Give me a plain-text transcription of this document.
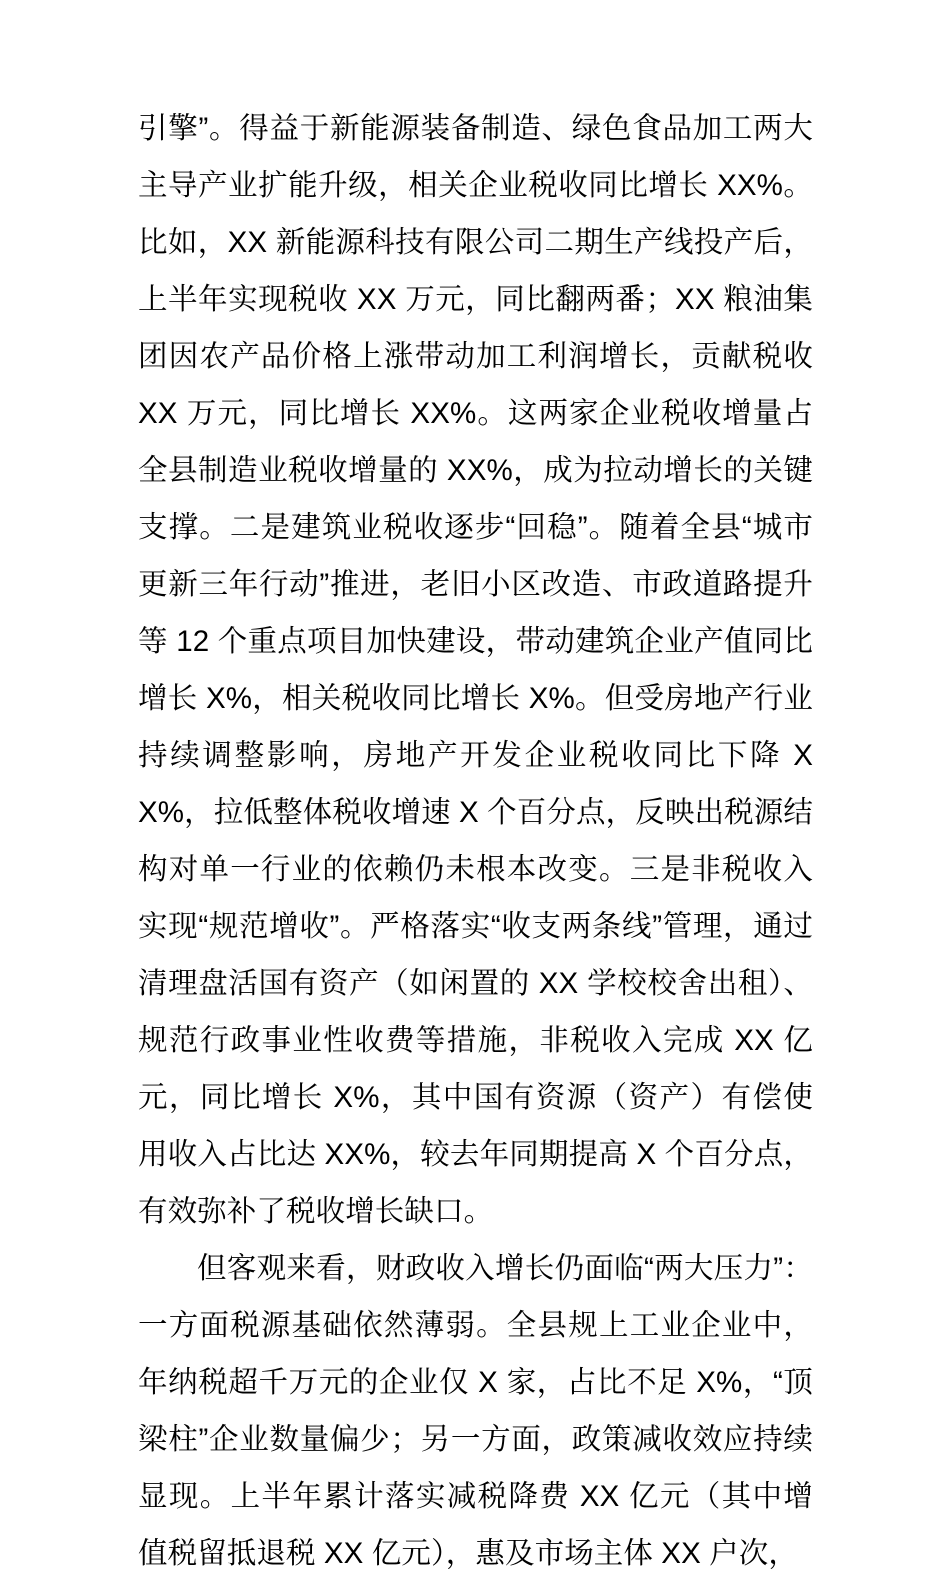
引擎”。得益于新能源装备制造、绿色食品加工两大主导产业扩能升级，相关企业税收同比增长 XX%。比如，XX 新能源科技有限公司二期生产线投产后，上半年实现税收 XX 万元，同比翻两番；XX 粮油集团因农产品价格上涨带动加工利润增长，贡献税收 XX 万元，同比增长 XX%。这两家企业税收增量占全县制造业税收增量的 XX%，成为拉动增长的关键支撑。二是建筑业税收逐步“回稳”。随着全县“城市更新三年行动”推进，老旧小区改造、市政道路提升等 12 个重点项目加快建设，带动建筑企业产值同比增长 X%，相关税收同比增长 X%。但受房地产行业持续调整影响，房地产开发企业税收同比下降 XX%，拉低整体税收增速 X 个百分点，反映出税源结构对单一行业的依赖仍未根本改变。三是非税收入实现“规范增收”。严格落实“收支两条线”管理，通过清理盘活国有资产（如闲置的 XX 学校校舍出租）、规范行政事业性收费等措施，非税收入完成 XX 亿元，同比增长 X%，其中国有资源（资产）有偿使用收入占比达 XX%，较去年同期提高 X 个百分点，有效弥补了税收增长缺口。

但客观来看，财政收入增长仍面临“两大压力”：一方面税源基础依然薄弱。全县规上工业企业中，年纳税超千万元的企业仅 X 家，占比不足 X%，“顶梁柱”企业数量偏少；另一方面，政策减收效应持续显现。上半年累计落实减税降费 XX 亿元（其中增值税留抵退税 XX 亿元），惠及市场主体 XX 户次，
